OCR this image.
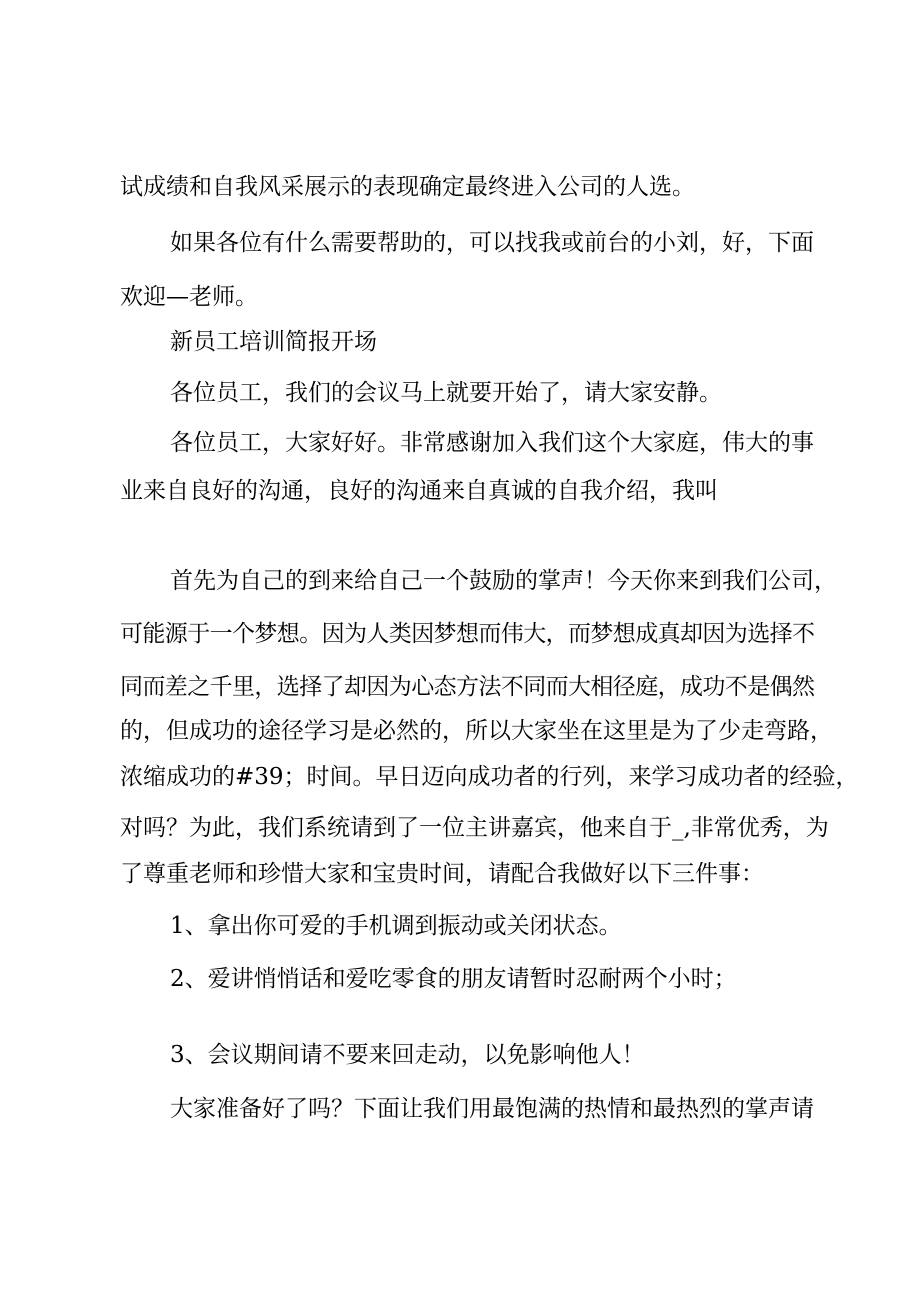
试成绩和自我风采展示的表现确定最终进入公司的人选。

如果各位有什么需要帮助的，可以找我或前台的小刘，好，下面

欢迎—老师。

新员工培训简报开场

各位员工，我们的会议马上就要开始了，请大家安静。

各位员工，大家好好。非常感谢加入我们这个大家庭，伟大的事

业来自良好的沟通，良好的沟通来自真诚的自我介绍，我叫

首先为自己的到来给自己一个鼓励的掌声！今天你来到我们公司，

可能源于一个梦想。因为人类因梦想而伟大，而梦想成真却因为选择不

同而差之千里，选择了却因为心态方法不同而大相径庭，成功不是偶然

的，但成功的途径学习是必然的，所以大家坐在这里是为了少走弯路，

浓缩成功的#39；时间。早日迈向成功者的行列，来学习成功者的经验，

对吗？为此，我们系统请到了一位主讲嘉宾，他来自于_,非常优秀，为

了尊重老师和珍惜大家和宝贵时间，请配合我做好以下三件事：

1、拿出你可爱的手机调到振动或关闭状态。

2、爱讲悄悄话和爱吃零食的朋友请暂时忍耐两个小时；

3、会议期间请不要来回走动，以免影响他人！

大家准备好了吗？下面让我们用最饱满的热情和最热烈的掌声请
